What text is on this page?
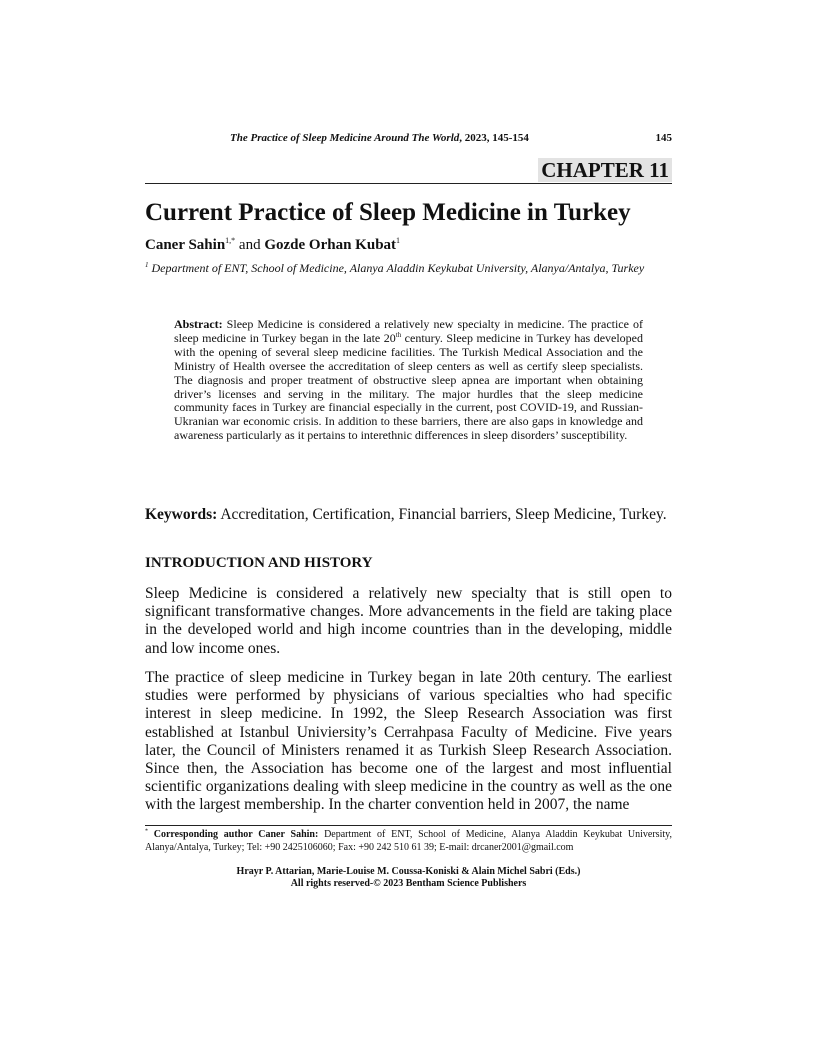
The Practice of Sleep Medicine Around The World, 2023, 145-154	145
CHAPTER 11
Current Practice of Sleep Medicine in Turkey
Caner Sahin$^{1,*}$ and Gozde Orhan Kubat$^1$
$^1$ Department of ENT, School of Medicine, Alanya Aladdin Keykubat University, Alanya/Antalya, Turkey

Abstract: Sleep Medicine is considered a relatively new specialty in medicine. The practice of sleep medicine in Turkey began in the late 20th century. Sleep medicine in Turkey has developed with the opening of several sleep medicine facilities. The Turkish Medical Association and the Ministry of Health oversee the accreditation of sleep centers as well as certify sleep specialists. The diagnosis and proper treatment of obstructive sleep apnea are important when obtaining driver’s licenses and serving in the military. The major hurdles that the sleep medicine community faces in Turkey are financial especially in the current, post COVID-19, and Russian-Ukranian war economic crisis. In addition to these barriers, there are also gaps in knowledge and awareness particularly as it pertains to interethnic differences in sleep disorders’ susceptibility.

Keywords: Accreditation, Certification, Financial barriers, Sleep Medicine, Turkey.

INTRODUCTION AND HISTORY

Sleep Medicine is considered a relatively new specialty that is still open to significant transformative changes. More advancements in the field are taking place in the developed world and high income countries than in the developing, middle and low income ones.

The practice of sleep medicine in Turkey began in late 20th century. The earliest studies were performed by physicians of various specialties who had specific interest in sleep medicine. In 1992, the Sleep Research Association was first established at Istanbul Univiersity’s Cerrahpasa Faculty of Medicine. Five years later, the Council of Ministers renamed it as Turkish Sleep Research Association. Since then, the Association has become one of the largest and most influential scientific organizations dealing with sleep medicine in the country as well as the one with the largest membership. In the charter convention held in 2007, the name

* Corresponding author Caner Sahin: Department of ENT, School of Medicine, Alanya Aladdin Keykubat University, Alanya/Antalya, Turkey; Tel: +90 2425106060; Fax: +90 242 510 61 39; E-mail: drcaner2001@gmail.com

Hrayr P. Attarian, Marie-Louise M. Coussa-Koniski & Alain Michel Sabri (Eds.)
All rights reserved-© 2023 Bentham Science Publishers
